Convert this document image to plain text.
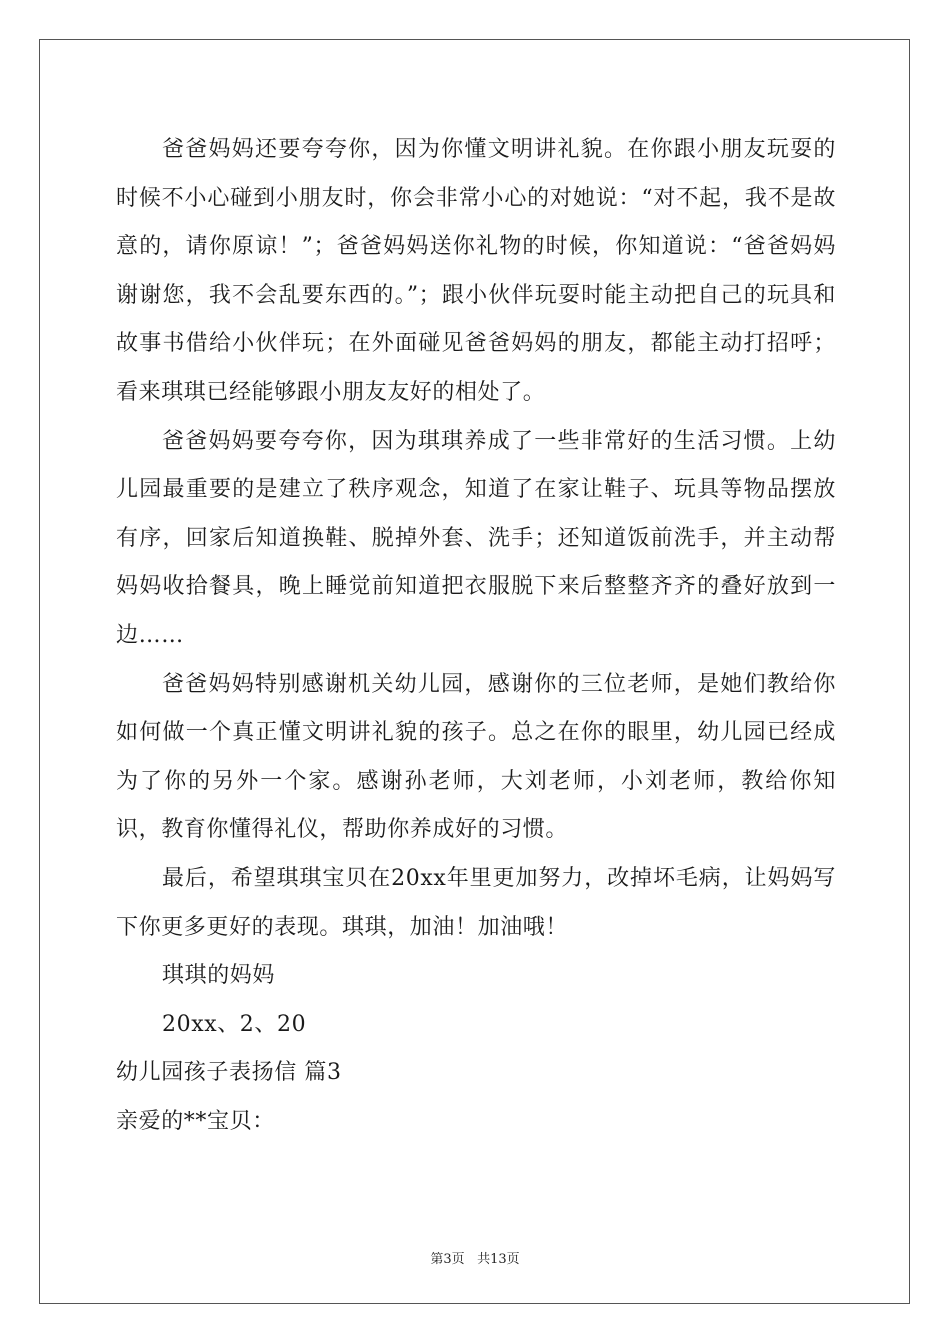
爸爸妈妈还要夸夸你，因为你懂文明讲礼貌。在你跟小朋友玩耍的时候不小心碰到小朋友时，你会非常小心的对她说：“对不起，我不是故意的，请你原谅！”；爸爸妈妈送你礼物的时候，你知道说：“爸爸妈妈谢谢您，我不会乱要东西的。”；跟小伙伴玩耍时能主动把自己的玩具和故事书借给小伙伴玩；在外面碰见爸爸妈妈的朋友，都能主动打招呼；看来琪琪已经能够跟小朋友友好的相处了。

爸爸妈妈要夸夸你，因为琪琪养成了一些非常好的生活习惯。上幼儿园最重要的是建立了秩序观念，知道了在家让鞋子、玩具等物品摆放有序，回家后知道换鞋、脱掉外套、洗手；还知道饭前洗手，并主动帮妈妈收拾餐具，晚上睡觉前知道把衣服脱下来后整整齐齐的叠好放到一边……

爸爸妈妈特别感谢机关幼儿园，感谢你的三位老师，是她们教给你如何做一个真正懂文明讲礼貌的孩子。总之在你的眼里，幼儿园已经成为了你的另外一个家。感谢孙老师，大刘老师，小刘老师，教给你知识，教育你懂得礼仪，帮助你养成好的习惯。

最后，希望琪琪宝贝在20xx年里更加努力，改掉坏毛病，让妈妈写下你更多更好的表现。琪琪，加油！加油哦！

琪琪的妈妈

20xx、2、20

幼儿园孩子表扬信 篇3

亲爱的**宝贝：

第3页 共13页
